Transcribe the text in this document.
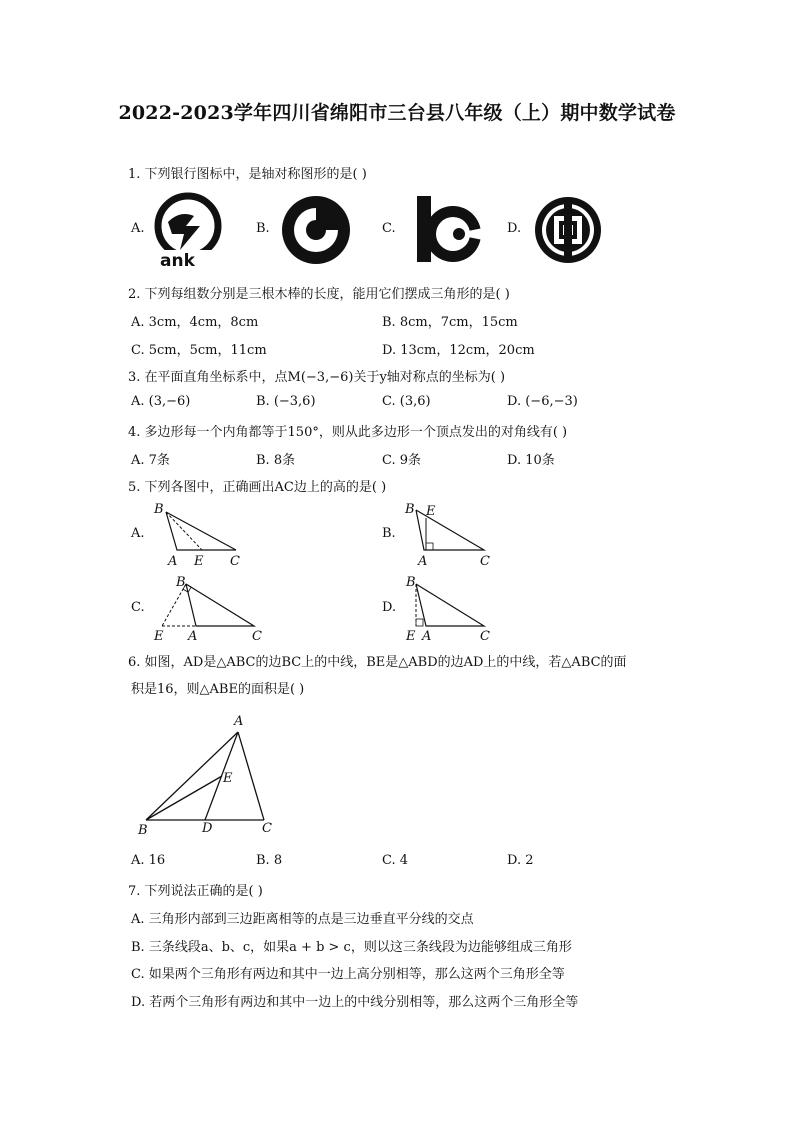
2022-2023学年四川省绵阳市三台县八年级（上）期中数学试卷
1. 下列银行图标中，是轴对称图形的是( )
A.	B.	C.	D.
ank
2. 下列每组数分别是三根木棒的长度，能用它们摆成三角形的是( )
A. 3cm，4cm，8cm	B. 8cm，7cm，15cm
C. 5cm，5cm，11cm	D. 13cm，12cm，20cm
3. 在平面直角坐标系中，点M(−3,−6)关于y轴对称点的坐标为( )
A. (3,−6)	B. (−3,6)	C. (3,6)	D. (−6,−3)
4. 多边形每一个内角都等于150°，则从此多边形一个顶点发出的对角线有( )
A. 7条	B. 8条	C. 9条	D. 10条
5. 下列各图中，正确画出AC边上的高的是( )
A.	B.
C.	D.
B
A E C
B E
A	C
B
E A	C
B
E A	C
6. 如图，AD是△ABC的边BC上的中线，BE是△ABD的边AD上的中线，若△ABC的面
积是16，则△ABE的面积是( )
A
B	C
D
E
A. 16	B. 8	C. 4	D. 2
7. 下列说法正确的是( )
A. 三角形内部到三边距离相等的点是三边垂直平分线的交点
B. 三条线段a、b、c，如果a + b > c，则以这三条线段为边能够组成三角形
C. 如果两个三角形有两边和其中一边上高分别相等，那么这两个三角形全等
D. 若两个三角形有两边和其中一边上的中线分别相等，那么这两个三角形全等
